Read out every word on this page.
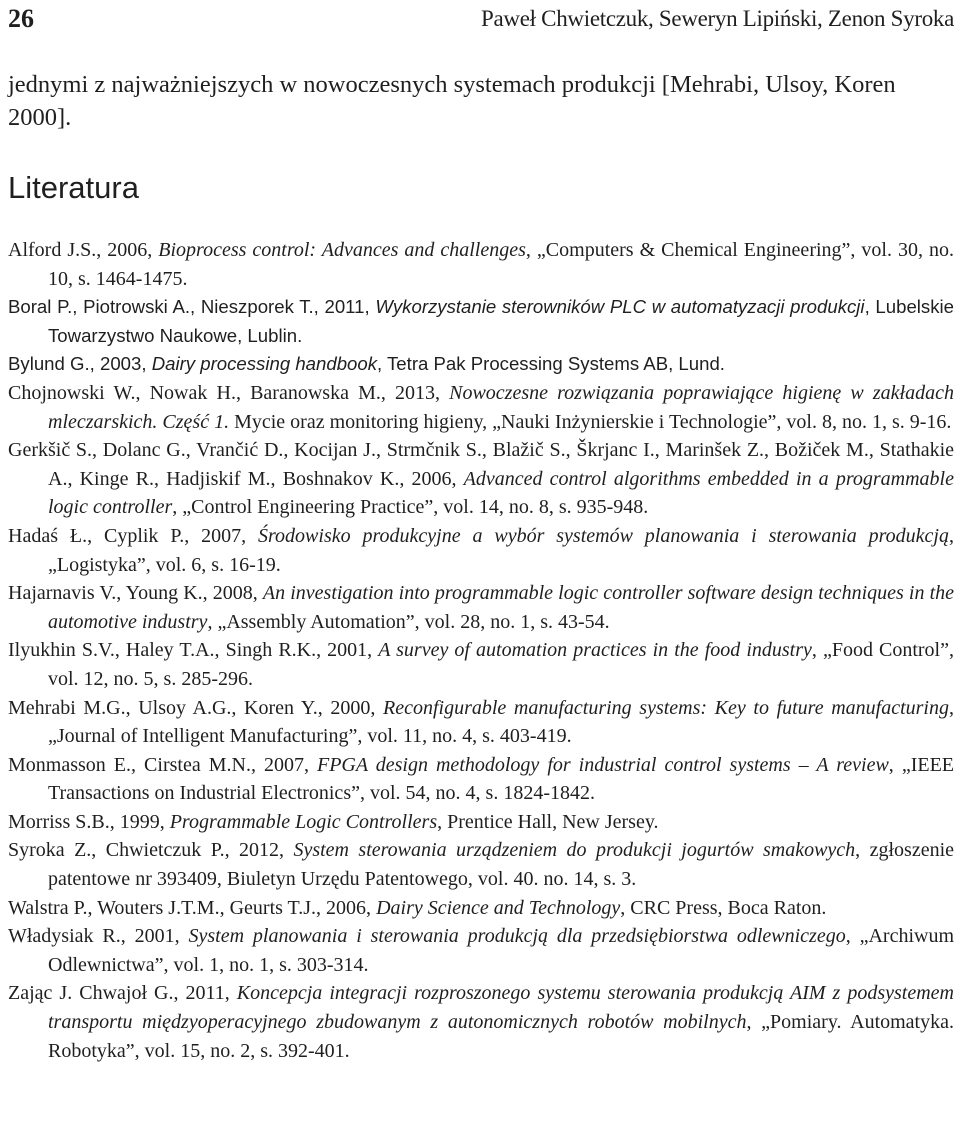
26	Paweł Chwietczuk, Seweryn Lipiński, Zenon Syroka

jednymi z najważniejszych w nowoczesnych systemach produkcji [Mehrabi, Ulsoy, Koren 2000].

Literatura
Alford J.S., 2006, Bioprocess control: Advances and challenges, „Computers & Chemical Engineering”, vol. 30, no. 10, s. 1464-1475.
Boral P., Piotrowski A., Nieszporek T., 2011, Wykorzystanie sterowników PLC w automatyzacji produkcji, Lubelskie Towarzystwo Naukowe, Lublin.
Bylund G., 2003, Dairy processing handbook, Tetra Pak Processing Systems AB, Lund.
Chojnowski W., Nowak H., Baranowska M., 2013, Nowoczesne rozwiązania poprawiające higienę w zakładach mleczarskich. Część 1. Mycie oraz monitoring higieny, „Nauki Inżynierskie i Technologie”, vol. 8, no. 1, s. 9-16.
Gerkšič S., Dolanc G., Vrančić D., Kocijan J., Strmčnik S., Blažič S., Škrjanc I., Marinšek Z., Božiček M., Stathakie A., Kinge R., Hadjiskif M., Boshnakov K., 2006, Advanced control algorithms embedded in a programmable logic controller, „Control Engineering Practice”, vol. 14, no. 8, s. 935-948.
Hadaś Ł., Cyplik P., 2007, Środowisko produkcyjne a wybór systemów planowania i sterowania produkcją, „Logistyka”, vol. 6, s. 16-19.
Hajarnavis V., Young K., 2008, An investigation into programmable logic controller software design techniques in the automotive industry, „Assembly Automation”, vol. 28, no. 1, s. 43-54.
Ilyukhin S.V., Haley T.A., Singh R.K., 2001, A survey of automation practices in the food industry, „Food Control”, vol. 12, no. 5, s. 285-296.
Mehrabi M.G., Ulsoy A.G., Koren Y., 2000, Reconfigurable manufacturing systems: Key to future manufacturing, „Journal of Intelligent Manufacturing”, vol. 11, no. 4, s. 403-419.
Monmasson E., Cirstea M.N., 2007, FPGA design methodology for industrial control systems – A review, „IEEE Transactions on Industrial Electronics”, vol. 54, no. 4, s. 1824-1842.
Morriss S.B., 1999, Programmable Logic Controllers, Prentice Hall, New Jersey.
Syroka Z., Chwietczuk P., 2012, System sterowania urządzeniem do produkcji jogurtów smakowych, zgłoszenie patentowe nr 393409, Biuletyn Urzędu Patentowego, vol. 40. no. 14, s. 3.
Walstra P., Wouters J.T.M., Geurts T.J., 2006, Dairy Science and Technology, CRC Press, Boca Raton.
Władysiak R., 2001, System planowania i sterowania produkcją dla przedsiębiorstwa odlewniczego, „Archiwum Odlewnictwa”, vol. 1, no. 1, s. 303-314.
Zając J. Chwajoł G., 2011, Koncepcja integracji rozproszonego systemu sterowania produkcją AIM z podsystemem transportu międzyoperacyjnego zbudowanym z autonomicznych robotów mobilnych, „Pomiary. Automatyka. Robotyka”, vol. 15, no. 2, s. 392-401.
